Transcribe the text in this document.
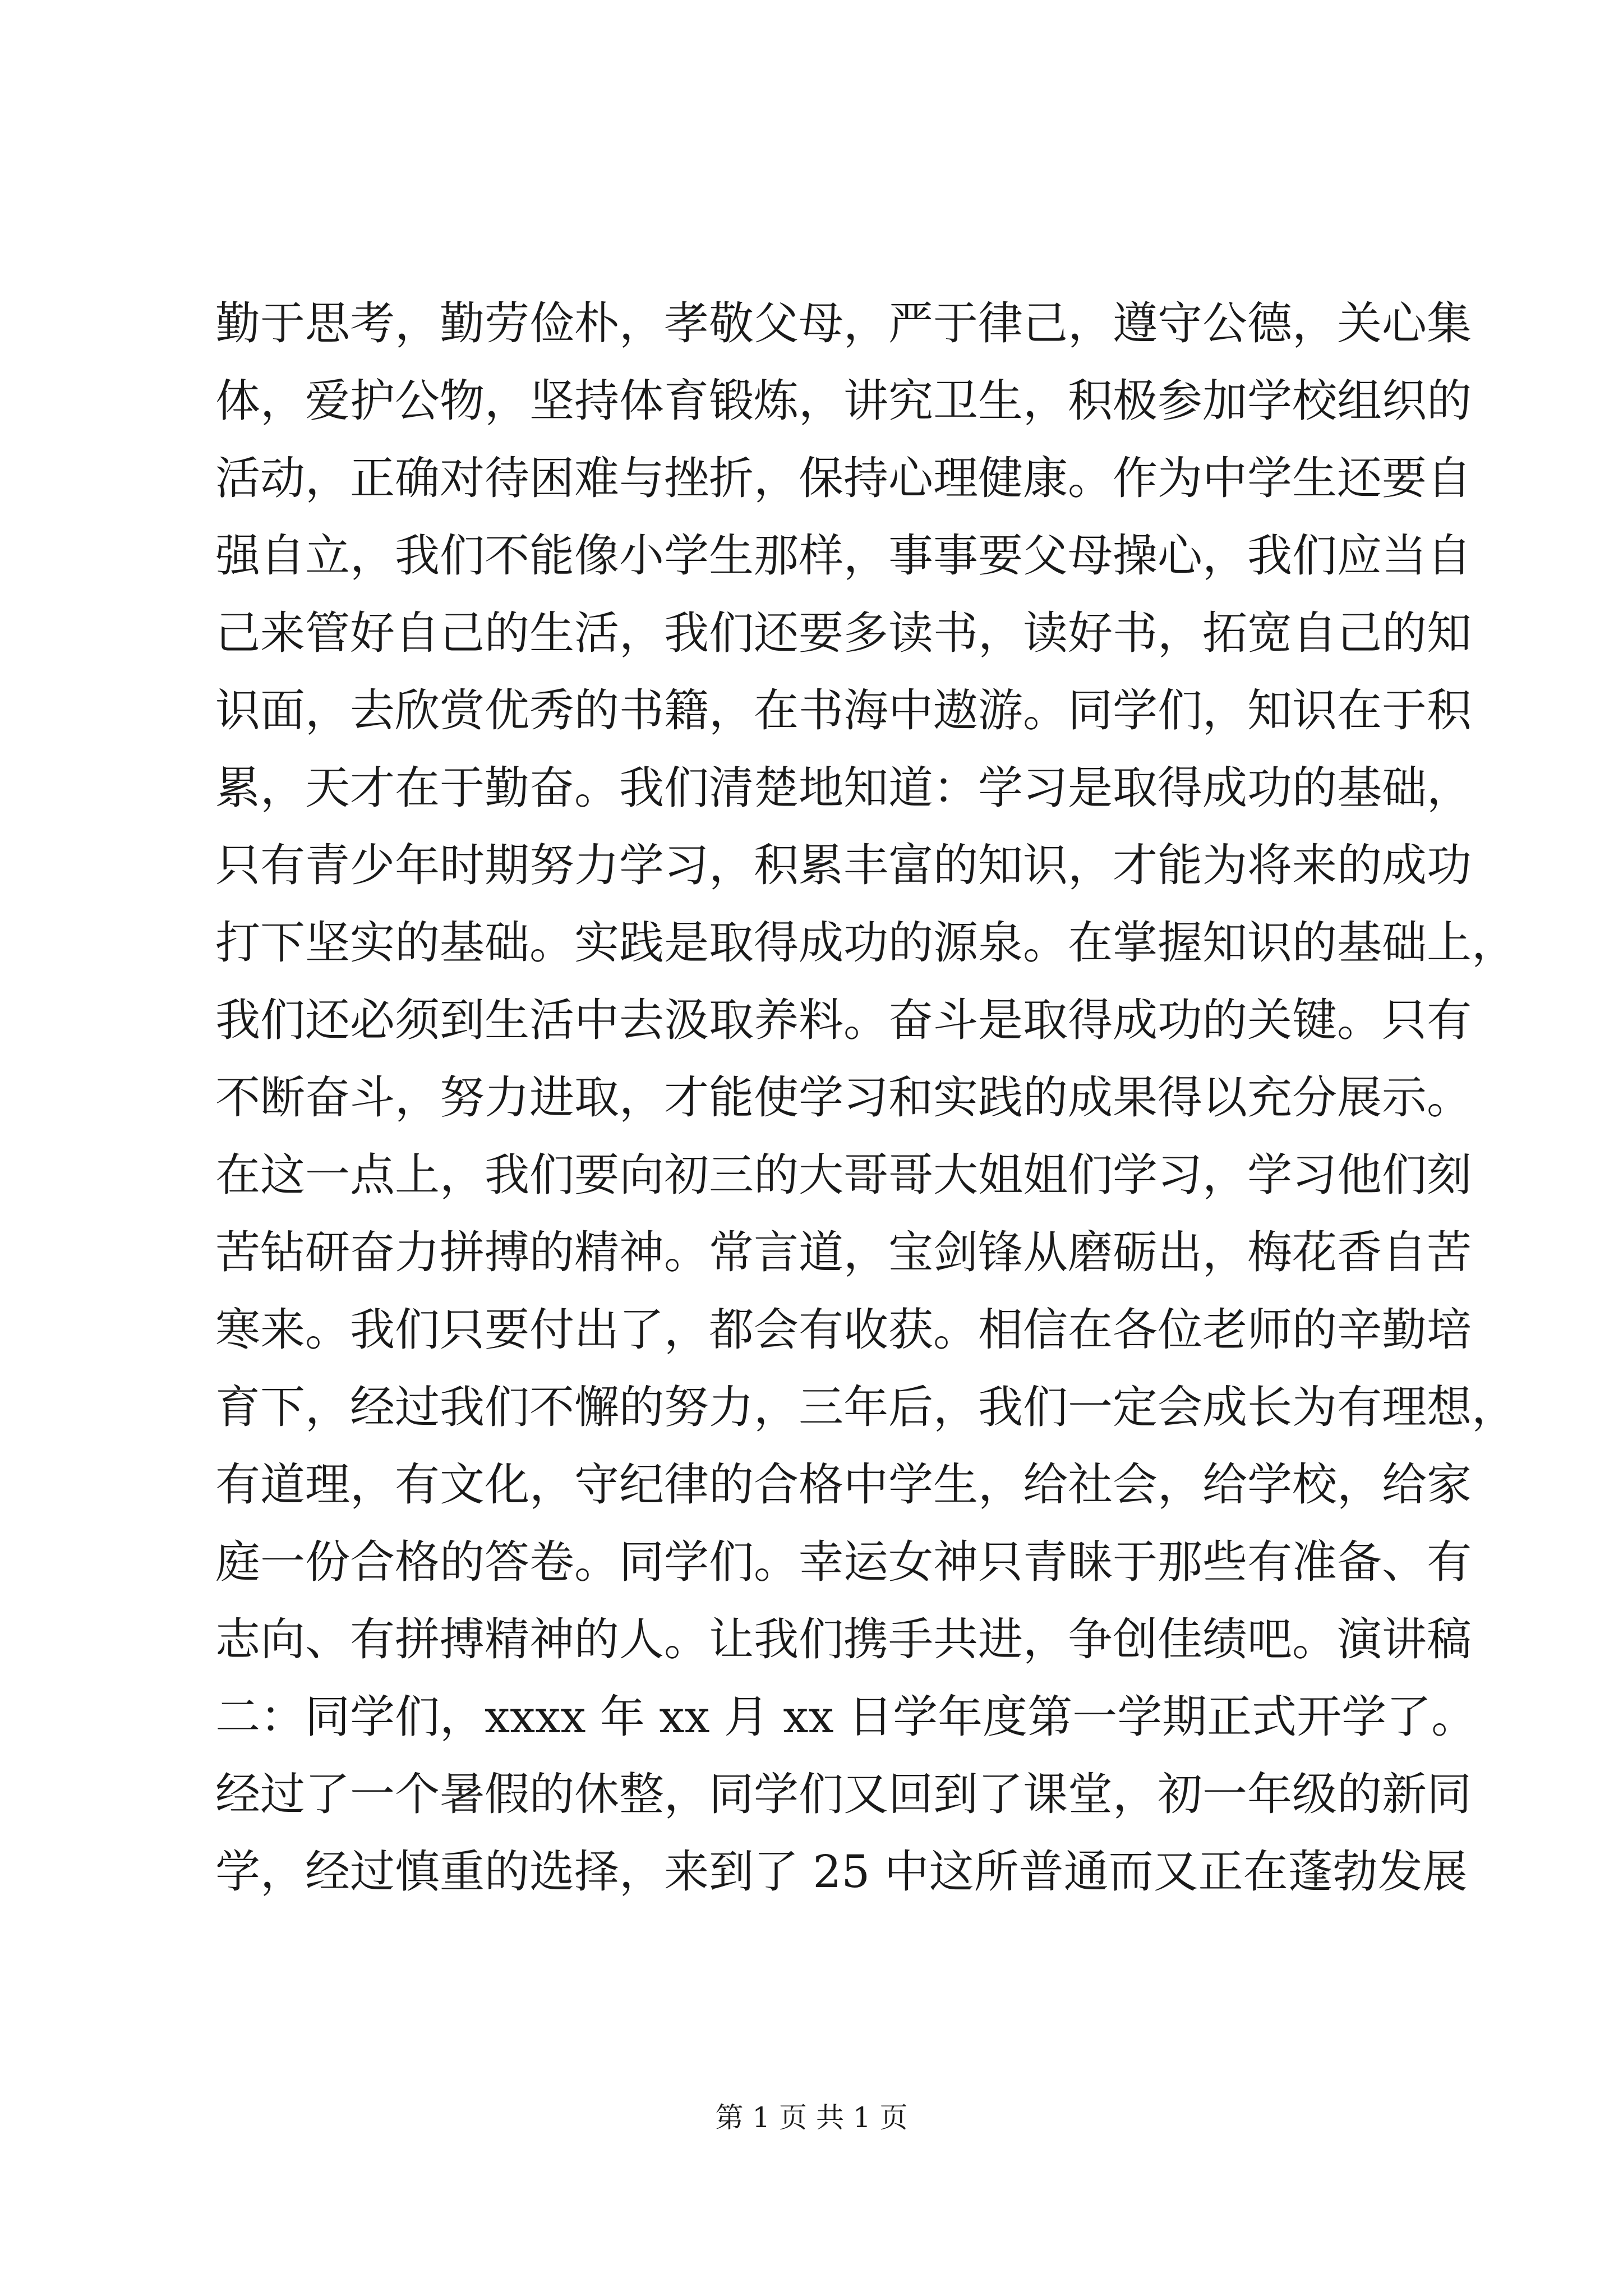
勤于思考，勤劳俭朴，孝敬父母，严于律己，遵守公德，关心集
体，爱护公物，坚持体育锻炼，讲究卫生，积极参加学校组织的
活动，正确对待困难与挫折，保持心理健康。作为中学生还要自
强自立，我们不能像小学生那样，事事要父母操心，我们应当自
己来管好自己的生活，我们还要多读书，读好书，拓宽自己的知
识面，去欣赏优秀的书籍，在书海中遨游。同学们，知识在于积
累，天才在于勤奋。我们清楚地知道：学习是取得成功的基础，
只有青少年时期努力学习，积累丰富的知识，才能为将来的成功
打下坚实的基础。实践是取得成功的源泉。在掌握知识的基础上，
我们还必须到生活中去汲取养料。奋斗是取得成功的关键。只有
不断奋斗，努力进取，才能使学习和实践的成果得以充分展示。
在这一点上，我们要向初三的大哥哥大姐姐们学习，学习他们刻
苦钻研奋力拼搏的精神。常言道，宝剑锋从磨砺出，梅花香自苦
寒来。我们只要付出了，都会有收获。相信在各位老师的辛勤培
育下，经过我们不懈的努力，三年后，我们一定会成长为有理想，
有道理，有文化，守纪律的合格中学生，给社会，给学校，给家
庭一份合格的答卷。同学们。幸运女神只青睐于那些有准备、有
志向、有拼搏精神的人。让我们携手共进，争创佳绩吧。演讲稿
二：同学们，xxxx 年 xx 月 xx 日学年度第一学期正式开学了。
经过了一个暑假的休整，同学们又回到了课堂，初一年级的新同
学，经过慎重的选择，来到了 25 中这所普通而又正在蓬勃发展
第 1 页 共 1 页
